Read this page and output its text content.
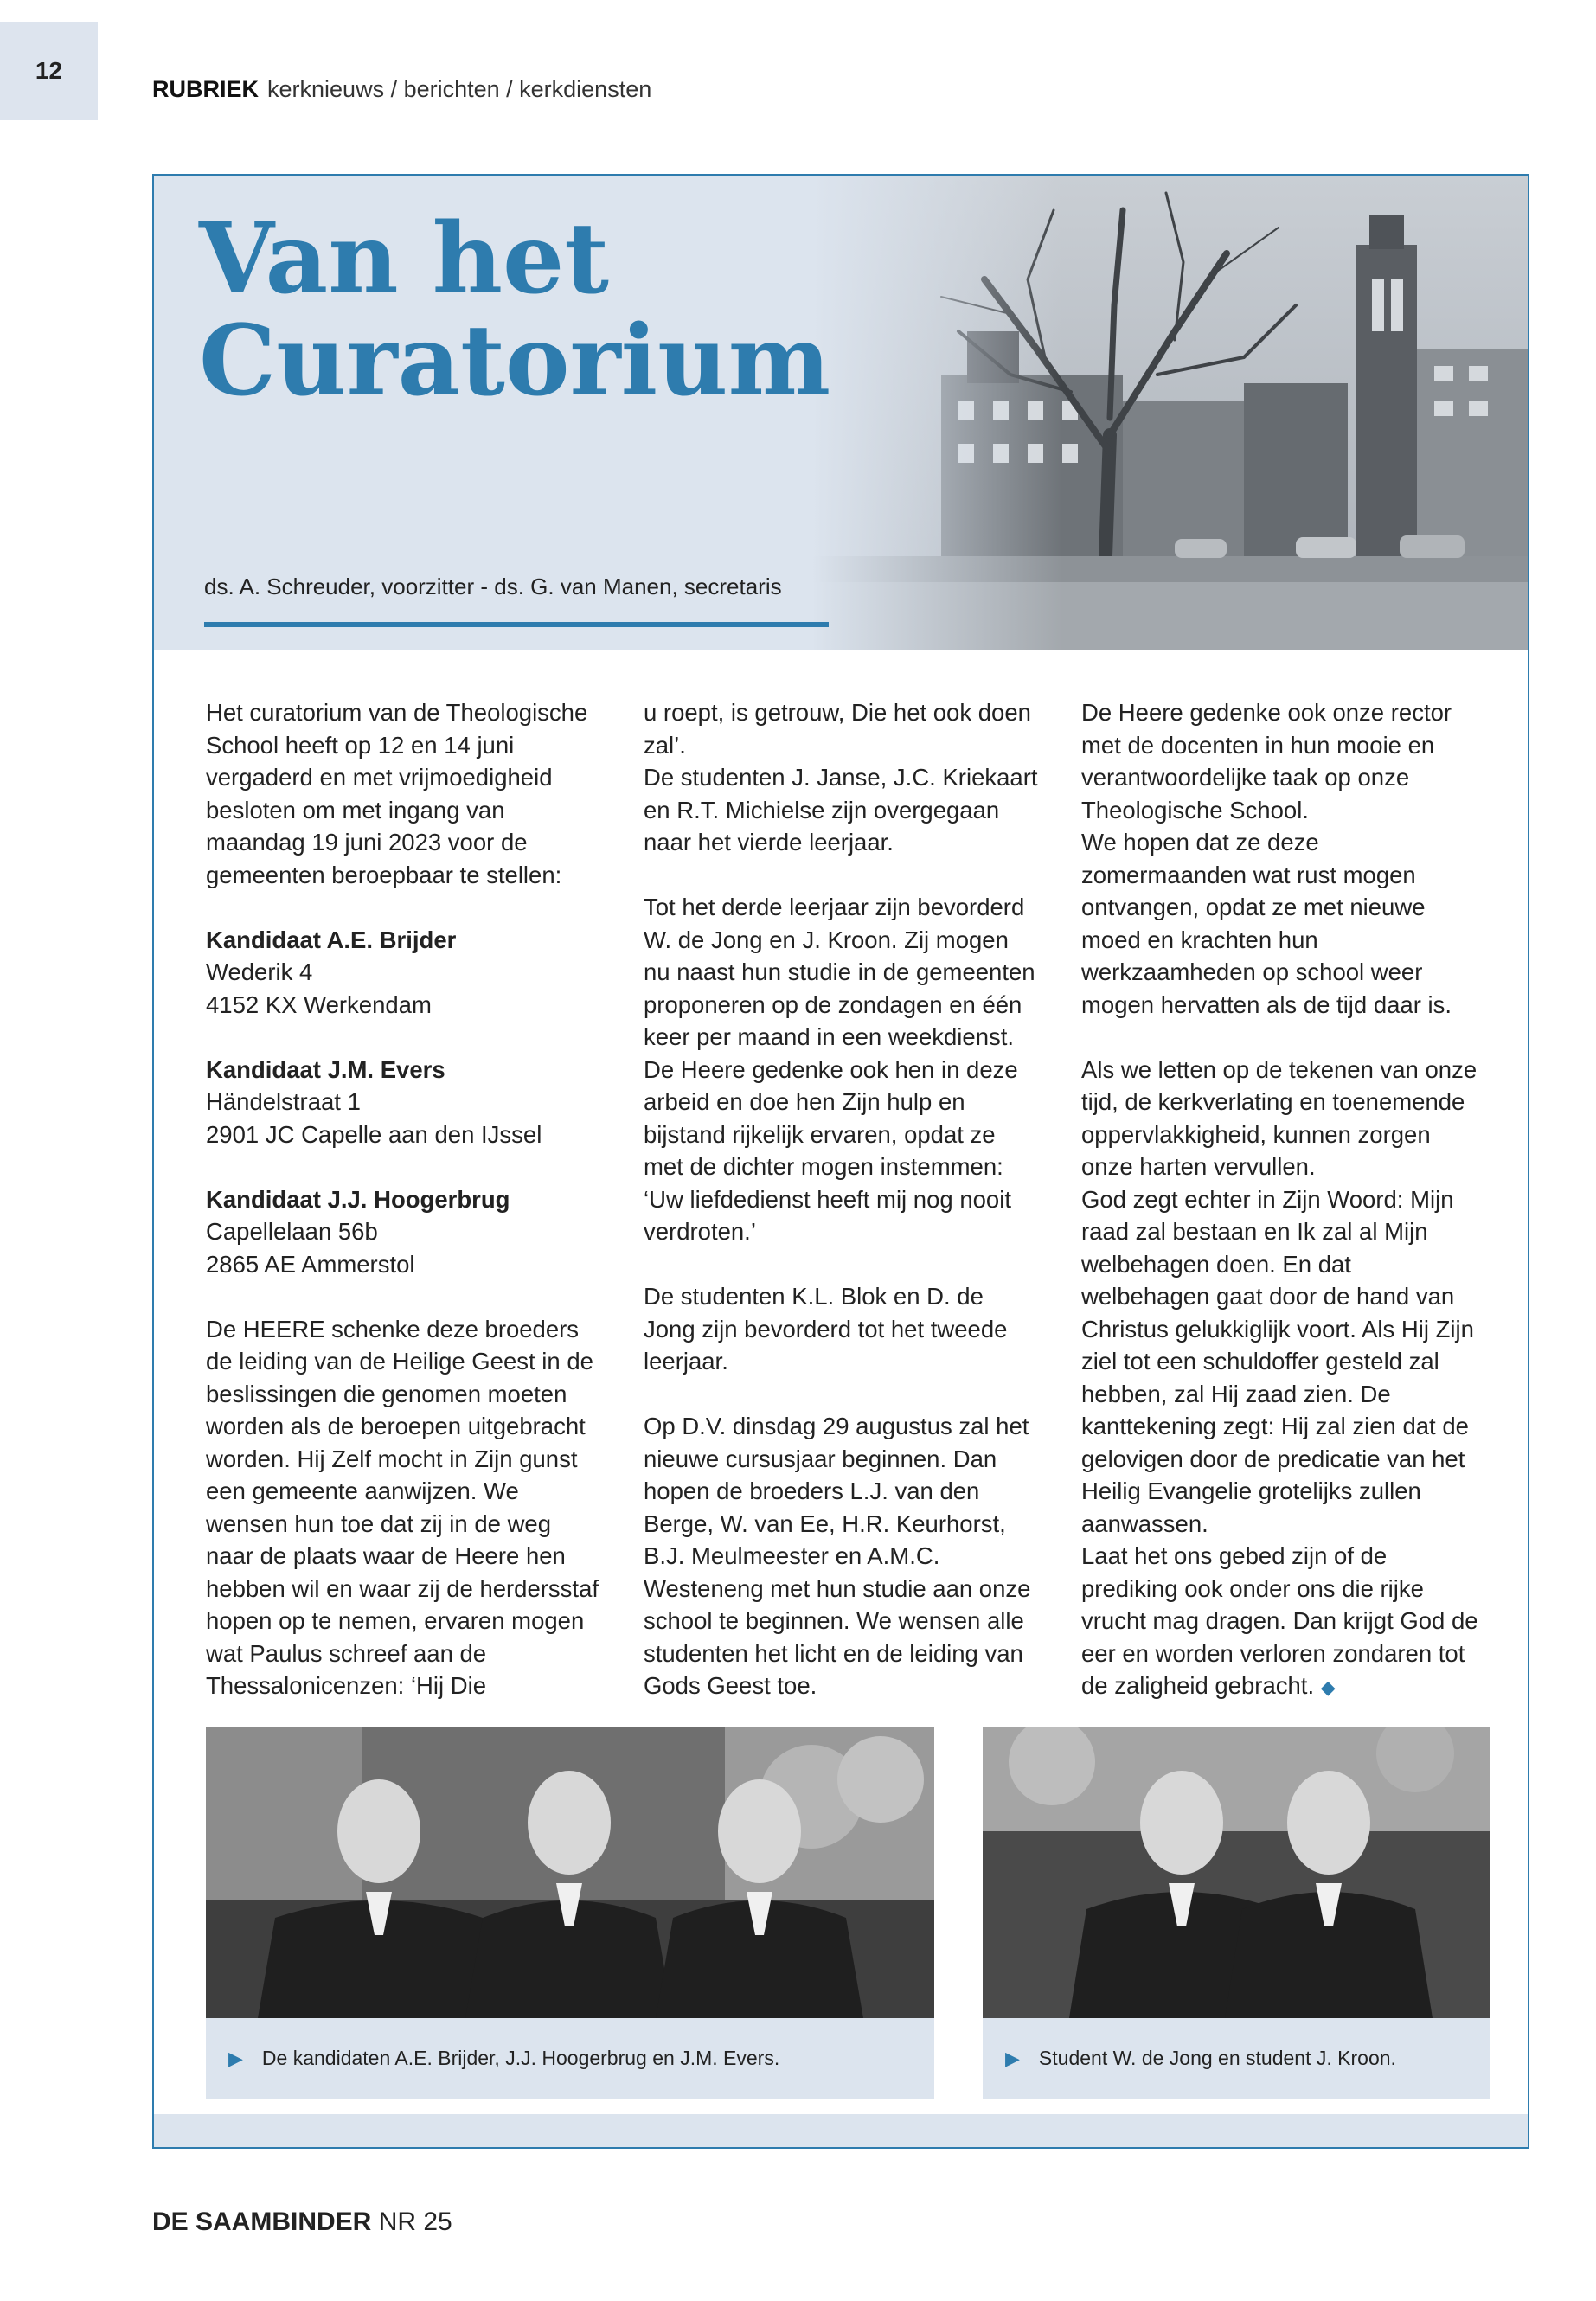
12
RUBRIEK kerknieuws / berichten / kerkdiensten
Van het
Curatorium
ds. A. Schreuder, voorzitter - ds. G. van Manen, secretaris

Het curatorium van de Theologische School heeft op 12 en 14 juni vergaderd en met vrijmoedigheid besloten om met ingang van maandag 19 juni 2023 voor de gemeenten beroepbaar te stellen:

Kandidaat A.E. Brijder
Wederik 4
4152 KX Werkendam

Kandidaat J.M. Evers
Händelstraat 1
2901 JC Capelle aan den IJssel

Kandidaat J.J. Hoogerbrug
Capellelaan 56b
2865 AE Ammerstol

De HEERE schenke deze broeders de leiding van de Heilige Geest in de beslissingen die genomen moeten worden als de beroepen uitgebracht worden. Hij Zelf mocht in Zijn gunst een gemeente aanwijzen. We wensen hun toe dat zij in de weg naar de plaats waar de Heere hen hebben wil en waar zij de herdersstaf hopen op te nemen, ervaren mogen wat Paulus schreef aan de Thessalonicenzen: ‘Hij Die

u roept, is getrouw, Die het ook doen zal’.

De studenten J. Janse, J.C. Kriekaart en R.T. Michielse zijn overgegaan naar het vierde leerjaar.

Tot het derde leerjaar zijn bevorderd W. de Jong en J. Kroon. Zij mogen nu naast hun studie in de gemeenten proponeren op de zondagen en één keer per maand in een weekdienst. De Heere gedenke ook hen in deze arbeid en doe hen Zijn hulp en bijstand rijkelijk ervaren, opdat ze met de dichter mogen instemmen: ‘Uw liefdedienst heeft mij nog nooit verdroten.’

De studenten K.L. Blok en D. de Jong zijn bevorderd tot het tweede leerjaar.

Op D.V. dinsdag 29 augustus zal het nieuwe cursusjaar beginnen. Dan hopen de broeders L.J. van den Berge, W. van Ee, H.R. Keurhorst, B.J. Meulmeester en A.M.C. Westeneng met hun studie aan onze school te beginnen. We wensen alle studenten het licht en de leiding van Gods Geest toe.

De Heere gedenke ook onze rector met de docenten in hun mooie en verantwoordelijke taak op onze Theologische School.

We hopen dat ze deze zomermaanden wat rust mogen ontvangen, opdat ze met nieuwe moed en krachten hun werkzaamheden op school weer mogen hervatten als de tijd daar is.

Als we letten op de tekenen van onze tijd, de kerkverlating en toenemende oppervlakkigheid, kunnen zorgen onze harten vervullen.

God zegt echter in Zijn Woord: Mijn raad zal bestaan en Ik zal al Mijn welbehagen doen. En dat welbehagen gaat door de hand van Christus gelukkiglijk voort. Als Hij Zijn ziel tot een schuldoffer gesteld zal hebben, zal Hij zaad zien. De kanttekening zegt: Hij zal zien dat de gelovigen door de predicatie van het Heilig Evangelie grotelijks zullen aanwassen.

Laat het ons gebed zijn of de prediking ook onder ons die rijke vrucht mag dragen. Dan krijgt God de eer en worden verloren zondaren tot de zaligheid gebracht. ◆

▶ De kandidaten A.E. Brijder, J.J. Hoogerbrug en J.M. Evers.	▶ Student W. de Jong en student J. Kroon.
DE SAAMBINDER NR 25
